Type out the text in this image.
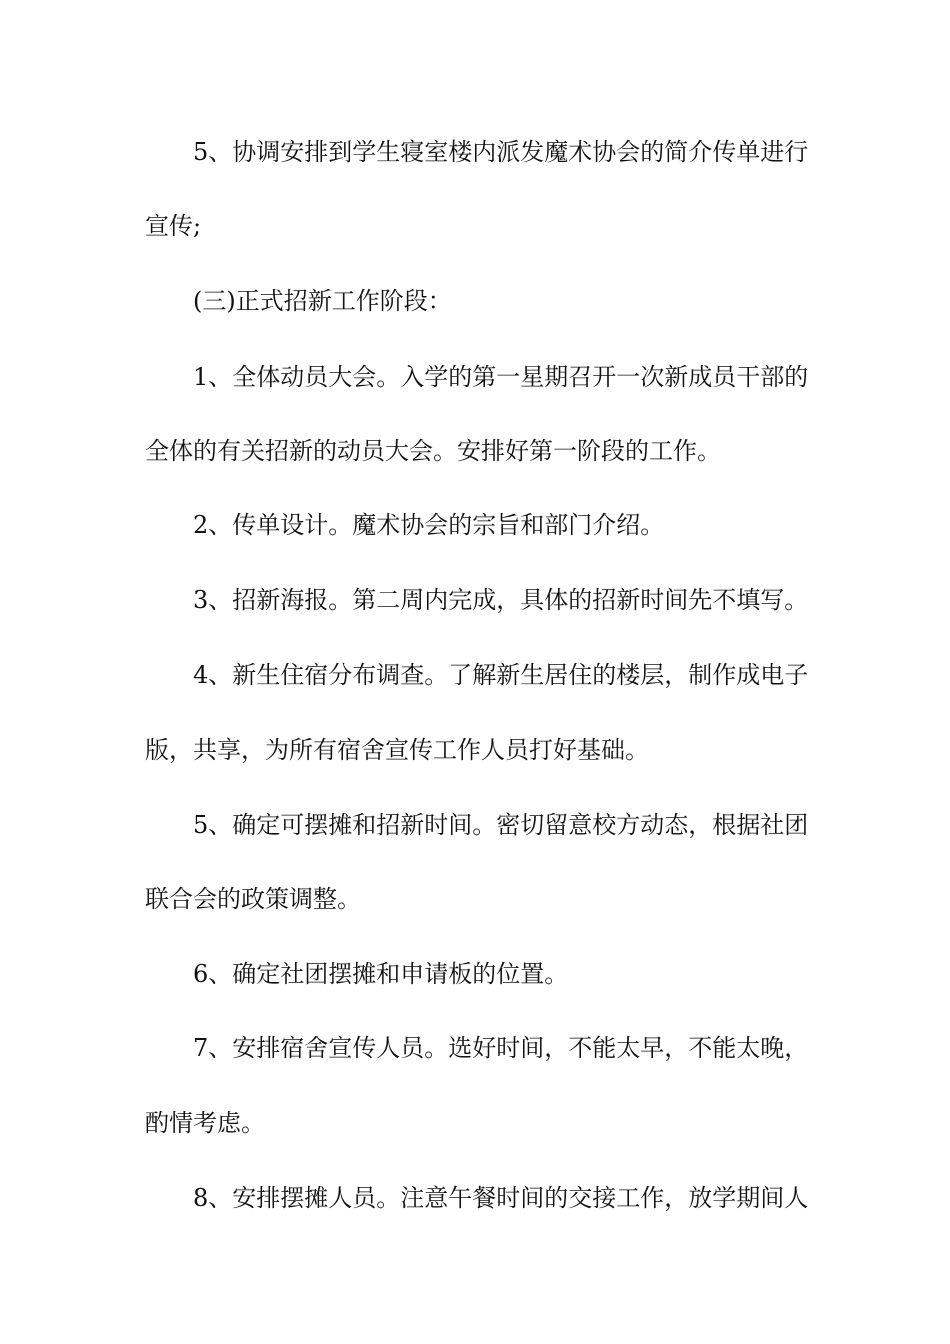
5、协调安排到学生寝室楼内派发魔术协会的简介传单进行
宣传;
(三)正式招新工作阶段：
1、全体动员大会。入学的第一星期召开一次新成员干部的
全体的有关招新的动员大会。安排好第一阶段的工作。
2、传单设计。魔术协会的宗旨和部门介绍。
3、招新海报。第二周内完成，具体的招新时间先不填写。
4、新生住宿分布调查。了解新生居住的楼层，制作成电子
版，共享，为所有宿舍宣传工作人员打好基础。
5、确定可摆摊和招新时间。密切留意校方动态，根据社团
联合会的政策调整。
6、确定社团摆摊和申请板的位置。
7、安排宿舍宣传人员。选好时间，不能太早，不能太晚，
酌情考虑。
8、安排摆摊人员。注意午餐时间的交接工作，放学期间人
